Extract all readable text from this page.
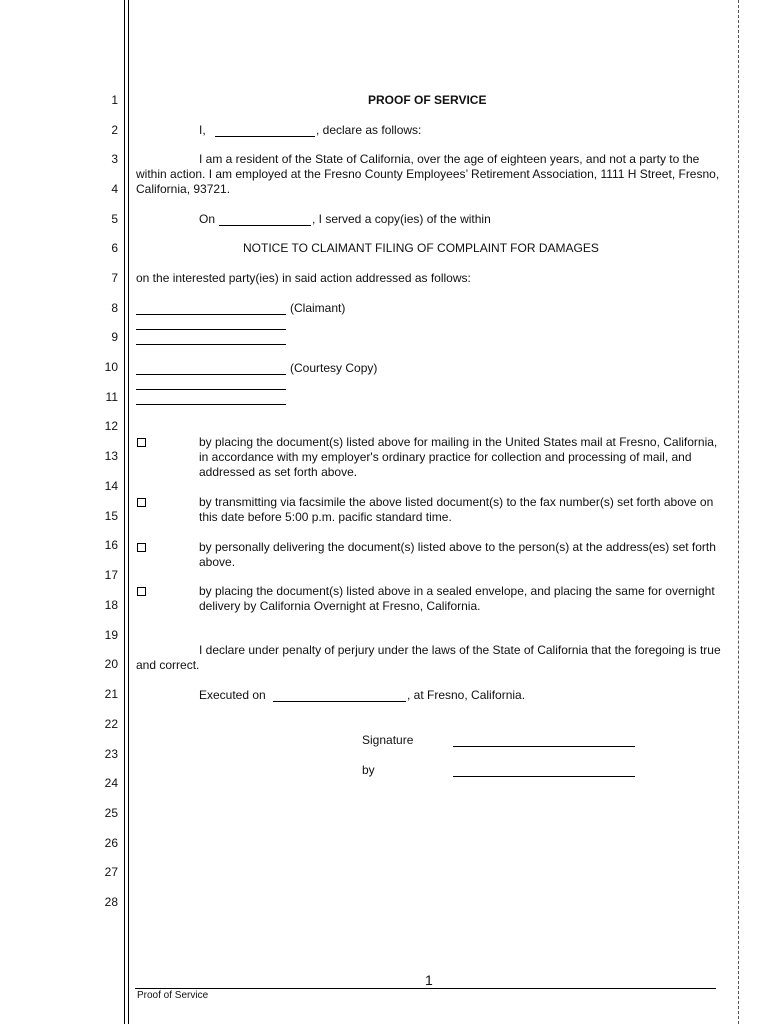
1
2
3
4
5
6
7
8
9
10
11
12
13
14
15
16
17
18
19
20
21
22
23
24
25
26
27
28
PROOF OF SERVICE
I,	, declare as follows:
I am a resident of the State of California, over the age of eighteen years, and not a party to the within action. I am employed at the Fresno County Employees’ Retirement Association, 1111 H Street, Fresno, California, 93721.
On	, I served a copy(ies) of the within
NOTICE TO CLAIMANT FILING OF COMPLAINT FOR DAMAGES
on the interested party(ies) in said action addressed as follows:
(Claimant)
(Courtesy Copy)
by placing the document(s) listed above for mailing in the United States mail at Fresno, California, in accordance with my employer's ordinary practice for collection and processing of mail, and addressed as set forth above.
by transmitting via facsimile the above listed document(s) to the fax number(s) set forth above on this date before 5:00 p.m. pacific standard time.
by personally delivering the document(s) listed above to the person(s) at the address(es) set forth above.
by placing the document(s) listed above in a sealed envelope, and placing the same for overnight delivery by California Overnight at Fresno, California.
I declare under penalty of perjury under the laws of the State of California that the foregoing is true and correct.
Executed on	, at Fresno, California.
Signature
by
1
Proof of Service
